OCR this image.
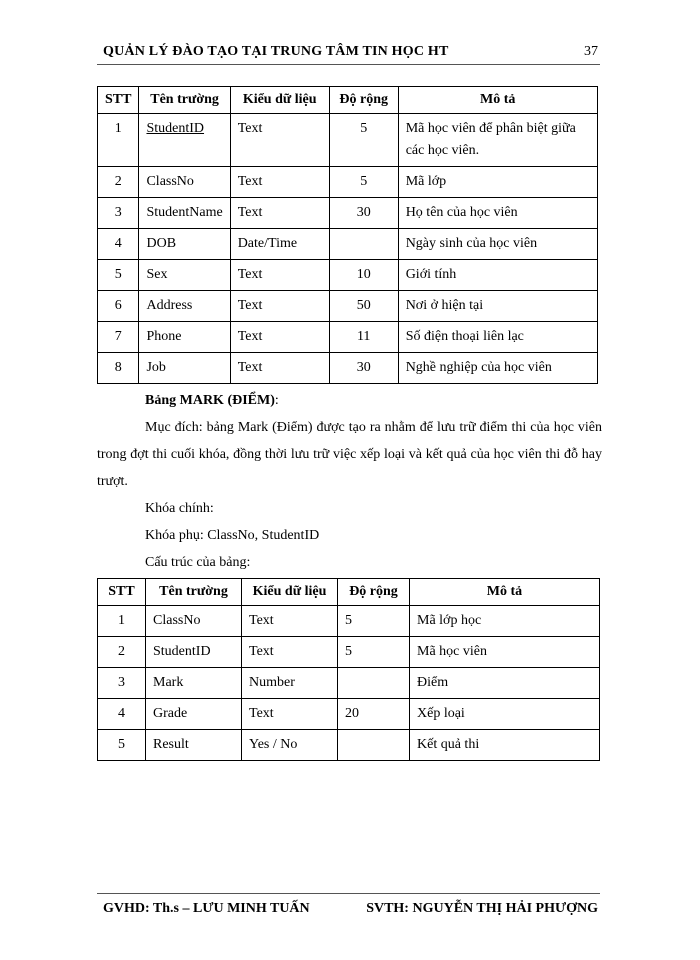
QUẢN LÝ ĐÀO TẠO TẠI TRUNG TÂM TIN HỌC HT	37
STT	Tên trường	Kiểu dữ liệu	Độ rộng	Mô tả
1	StudentID	Text	5	Mã học viên để phân biệt giữa các học viên.
2	ClassNo	Text	5	Mã lớp
3	StudentName	Text	30	Họ tên của học viên
4	DOB	Date/Time		Ngày sinh của học viên
5	Sex	Text	10	Giới tính
6	Address	Text	50	Nơi ở hiện tại
7	Phone	Text	11	Số điện thoại liên lạc
8	Job	Text	30	Nghề nghiệp của học viên
Bảng MARK (ĐIỂM):
Mục đích: bảng Mark (Điểm) được tạo ra nhằm để lưu trữ điểm thi của học viên trong đợt thi cuối khóa, đồng thời lưu trữ việc xếp loại và kết quả của học viên thi đỗ hay trượt.
Khóa chính:
Khóa phụ: ClassNo, StudentID
Cấu trúc của bảng:
STT	Tên trường	Kiểu dữ liệu	Độ rộng	Mô tả
1	ClassNo	Text	5	Mã lớp học
2	StudentID	Text	5	Mã học viên
3	Mark	Number		Điểm
4	Grade	Text	20	Xếp loại
5	Result	Yes / No		Kết quả thi
GVHD: Th.s – LƯU MINH TUẤN	SVTH: NGUYỄN THỊ HẢI PHƯỢNG
